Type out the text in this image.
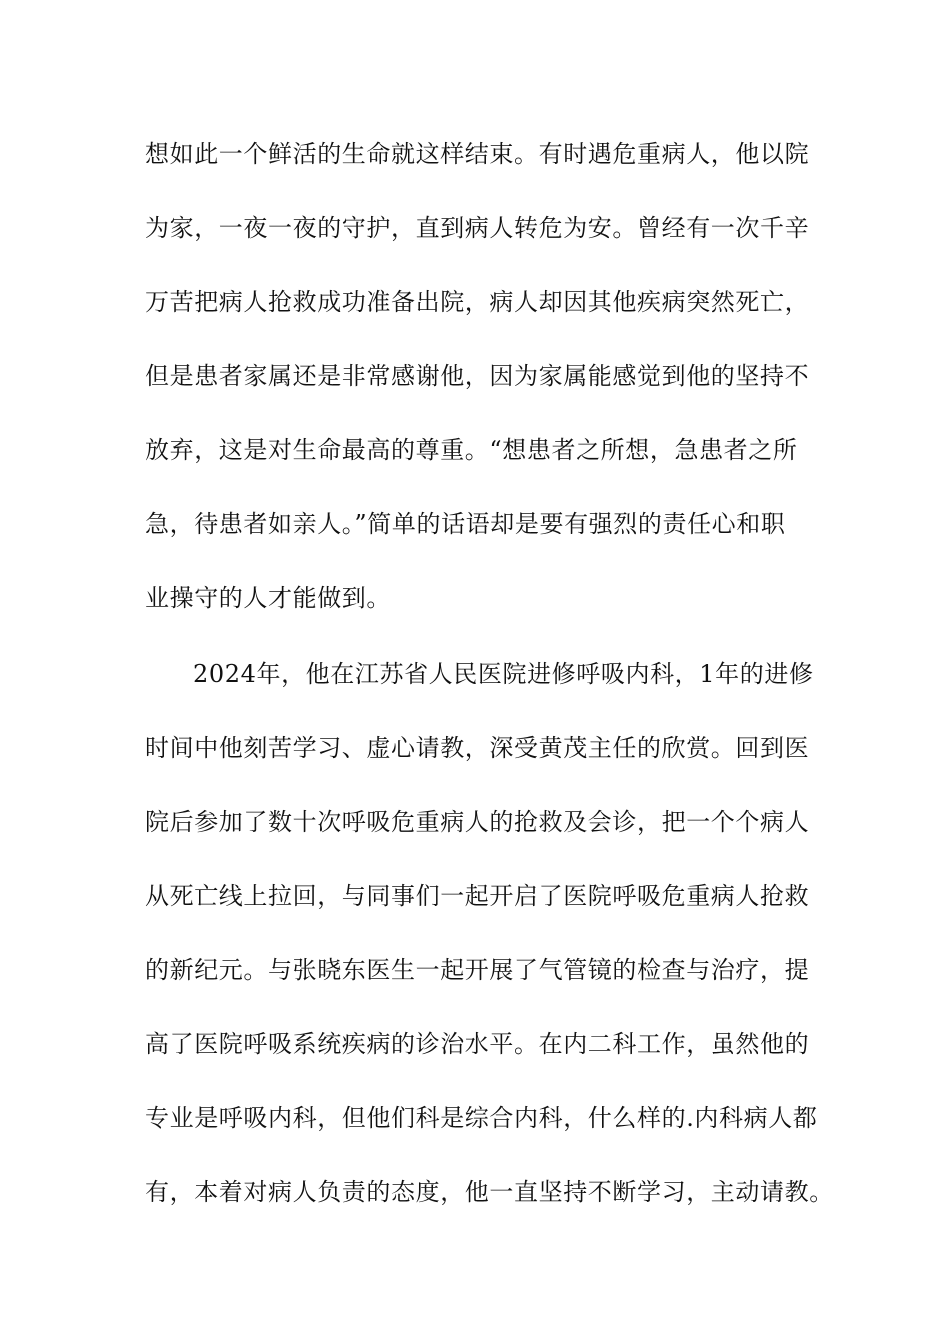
想如此一个鲜活的生命就这样结束。有时遇危重病人，他以院
为家，一夜一夜的守护，直到病人转危为安。曾经有一次千辛
万苦把病人抢救成功准备出院，病人却因其他疾病突然死亡，
但是患者家属还是非常感谢他，因为家属能感觉到他的坚持不
放弃，这是对生命最高的尊重。“想患者之所想，急患者之所
急，待患者如亲人。”简单的话语却是要有强烈的责任心和职
业操守的人才能做到。
2024年，他在江苏省人民医院进修呼吸内科，1年的进修
时间中他刻苦学习、虚心请教，深受黄茂主任的欣赏。回到医
院后参加了数十次呼吸危重病人的抢救及会诊，把一个个病人
从死亡线上拉回，与同事们一起开启了医院呼吸危重病人抢救
的新纪元。与张晓东医生一起开展了气管镜的检查与治疗，提
高了医院呼吸系统疾病的诊治水平。在内二科工作，虽然他的
专业是呼吸内科，但他们科是综合内科，什么样的.内科病人都
有，本着对病人负责的态度，他一直坚持不断学习，主动请教。
